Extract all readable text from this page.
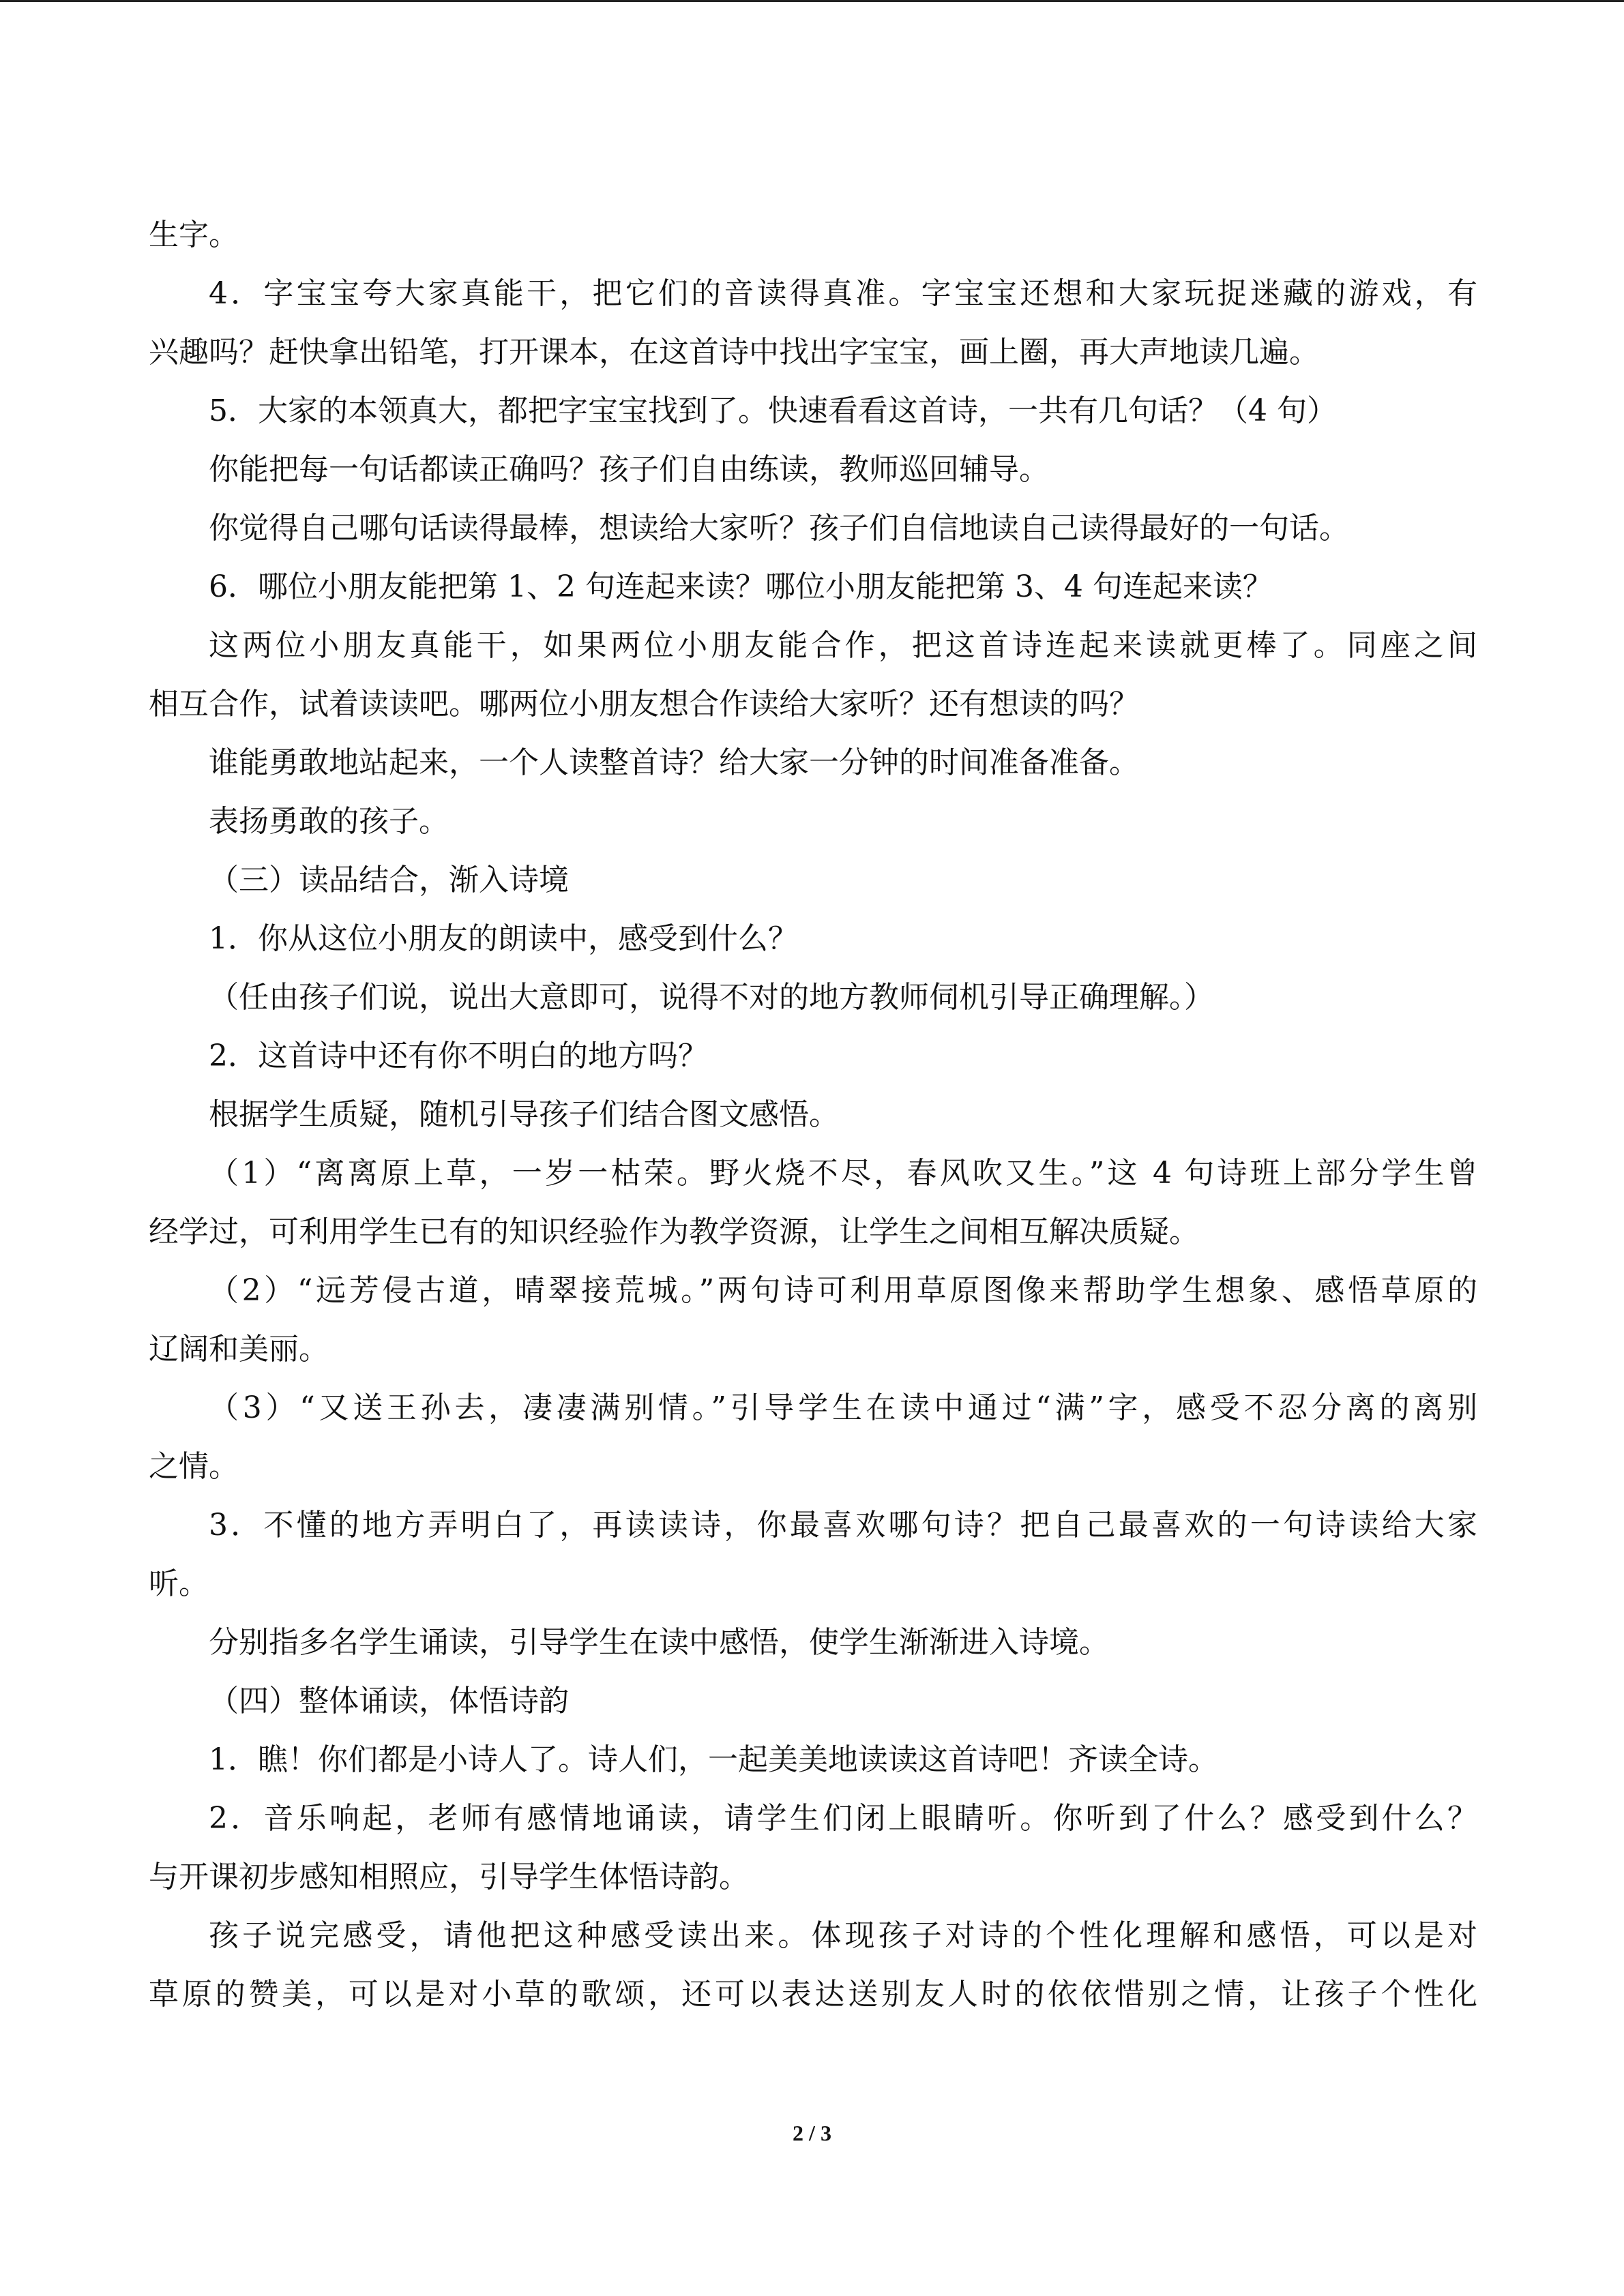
生字。
4．字宝宝夸大家真能干，把它们的音读得真准。字宝宝还想和大家玩捉迷藏的游戏，有
兴趣吗？赶快拿出铅笔，打开课本，在这首诗中找出字宝宝，画上圈，再大声地读几遍。
5．大家的本领真大，都把字宝宝找到了。快速看看这首诗，一共有几句话？（4 句）
你能把每一句话都读正确吗？孩子们自由练读，教师巡回辅导。
你觉得自己哪句话读得最棒，想读给大家听？孩子们自信地读自己读得最好的一句话。
6．哪位小朋友能把第 1、2 句连起来读？哪位小朋友能把第 3、4 句连起来读？
这两位小朋友真能干，如果两位小朋友能合作，把这首诗连起来读就更棒了。同座之间
相互合作，试着读读吧。哪两位小朋友想合作读给大家听？还有想读的吗？
谁能勇敢地站起来，一个人读整首诗？给大家一分钟的时间准备准备。
表扬勇敢的孩子。
（三）读品结合，渐入诗境
1．你从这位小朋友的朗读中，感受到什么？
（任由孩子们说，说出大意即可，说得不对的地方教师伺机引导正确理解。）
2．这首诗中还有你不明白的地方吗？
根据学生质疑，随机引导孩子们结合图文感悟。
（1）“离离原上草，一岁一枯荣。野火烧不尽，春风吹又生。”这 4 句诗班上部分学生曾
经学过，可利用学生已有的知识经验作为教学资源，让学生之间相互解决质疑。
（2）“远芳侵古道，晴翠接荒城。”两句诗可利用草原图像来帮助学生想象、感悟草原的
辽阔和美丽。
（3）“又送王孙去，凄凄满别情。”引导学生在读中通过“满”字，感受不忍分离的离别
之情。
3．不懂的地方弄明白了，再读读诗，你最喜欢哪句诗？把自己最喜欢的一句诗读给大家
听。
分别指多名学生诵读，引导学生在读中感悟，使学生渐渐进入诗境。
（四）整体诵读，体悟诗韵
1．瞧！你们都是小诗人了。诗人们，一起美美地读读这首诗吧！齐读全诗。
2．音乐响起，老师有感情地诵读，请学生们闭上眼睛听。你听到了什么？感受到什么？
与开课初步感知相照应，引导学生体悟诗韵。
孩子说完感受，请他把这种感受读出来。体现孩子对诗的个性化理解和感悟，可以是对
草原的赞美，可以是对小草的歌颂，还可以表达送别友人时的依依惜别之情，让孩子个性化
2 / 3
